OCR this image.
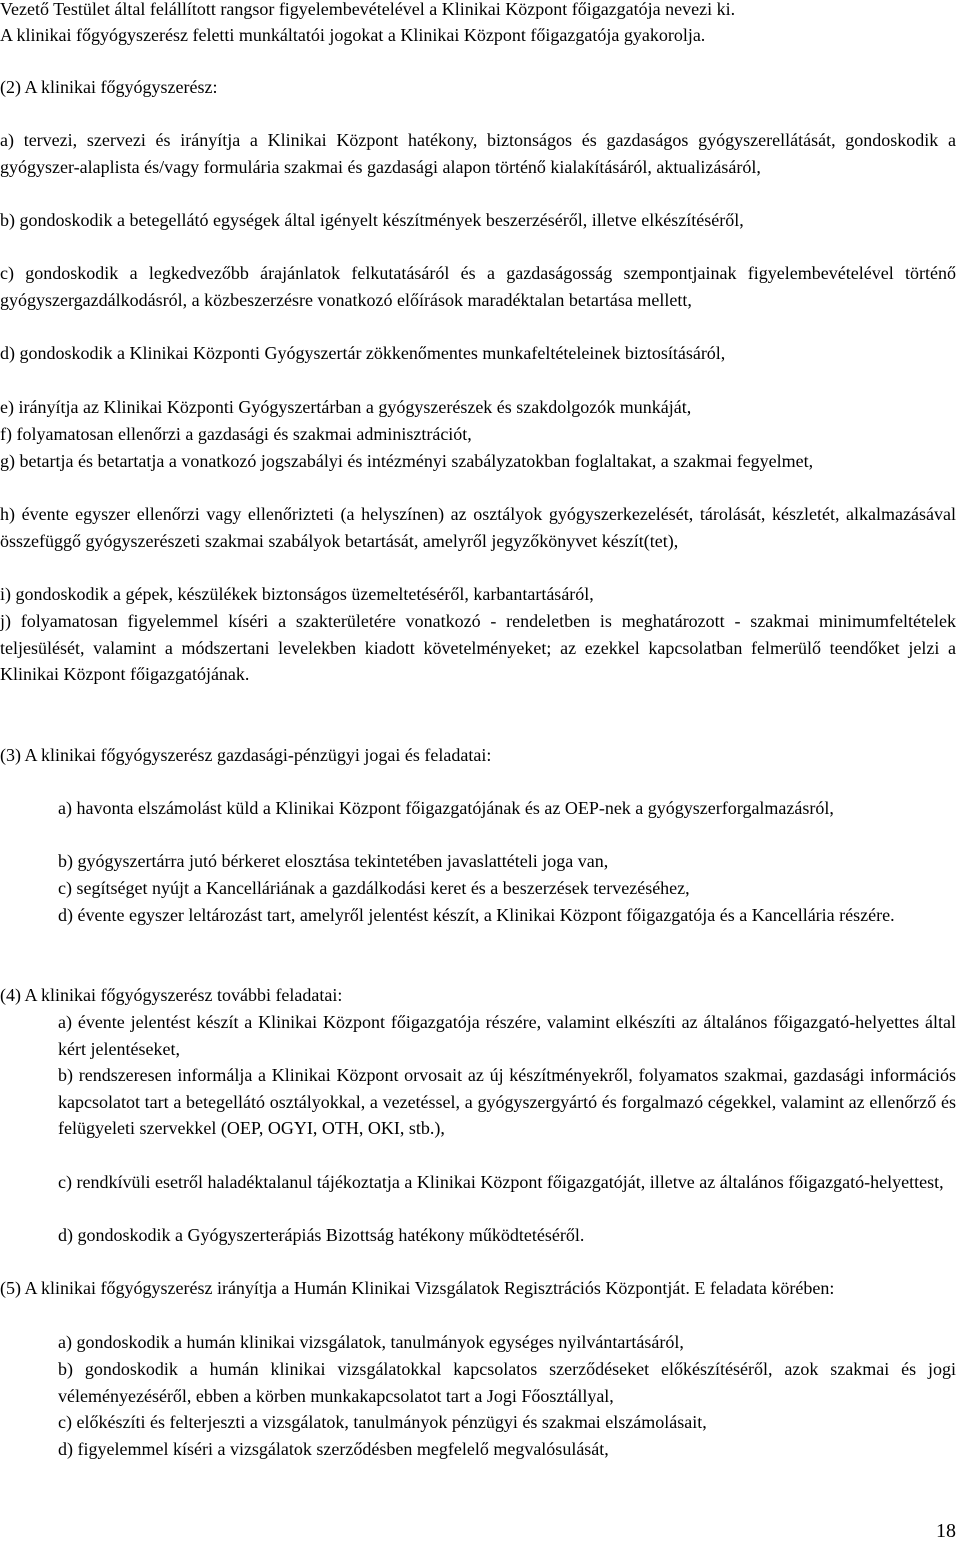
Vezető Testület által felállított rangsor figyelembevételével a Klinikai Központ főigazgatója nevezi ki.
A klinikai főgyógyszerész feletti munkáltatói jogokat a Klinikai Központ főigazgatója gyakorolja.
(2) A klinikai főgyógyszerész:
a) tervezi, szervezi és irányítja a Klinikai Központ hatékony, biztonságos és gazdaságos gyógyszerellátását, gondoskodik a gyógyszer-alaplista és/vagy formulária szakmai és gazdasági alapon történő kialakításáról, aktualizásáról,
b) gondoskodik a betegellátó egységek által igényelt készítmények beszerzéséről, illetve elkészítéséről,
c) gondoskodik a legkedvezőbb árajánlatok felkutatásáról és a gazdaságosság szempontjainak figyelembevételével történő gyógyszergazdálkodásról, a közbeszerzésre vonatkozó előírások maradéktalan betartása mellett,
d) gondoskodik a Klinikai Központi Gyógyszertár zökkenőmentes munkafeltételeinek biztosításáról,
e) irányítja az Klinikai Központi Gyógyszertárban a gyógyszerészek és szakdolgozók munkáját,
f) folyamatosan ellenőrzi a gazdasági és szakmai adminisztrációt,
g) betartja és betartatja a vonatkozó jogszabályi és intézményi szabályzatokban foglaltakat, a szakmai fegyelmet,
h) évente egyszer ellenőrzi vagy ellenőrizteti (a helyszínen) az osztályok gyógyszerkezelését, tárolását, készletét, alkalmazásával összefüggő gyógyszerészeti szakmai szabályok betartását, amelyről jegyzőkönyvet készít(tet),
i) gondoskodik a gépek, készülékek biztonságos üzemeltetéséről, karbantartásáról,
j) folyamatosan figyelemmel kíséri a szakterületére vonatkozó - rendeletben is meghatározott - szakmai minimumfeltételek teljesülését, valamint a módszertani levelekben kiadott követelményeket; az ezekkel kapcsolatban felmerülő teendőket jelzi a Klinikai Központ főigazgatójának.
(3) A klinikai főgyógyszerész gazdasági-pénzügyi jogai és feladatai:
a) havonta elszámolást küld a Klinikai Központ főigazgatójának és az OEP-nek a gyógyszerforgalmazásról,
b) gyógyszertárra jutó bérkeret elosztása tekintetében javaslattételi joga van,
c) segítséget nyújt a Kancelláriának a gazdálkodási keret és a beszerzések tervezéséhez,
d) évente egyszer leltározást tart, amelyről jelentést készít, a Klinikai Központ főigazgatója és a Kancellária részére.
(4) A klinikai főgyógyszerész további feladatai:
a) évente jelentést készít a Klinikai Központ főigazgatója részére, valamint elkészíti az általános főigazgató-helyettes által kért jelentéseket,
b) rendszeresen informálja a Klinikai Központ orvosait az új készítményekről, folyamatos szakmai, gazdasági információs kapcsolatot tart a betegellátó osztályokkal, a vezetéssel, a gyógyszergyártó és forgalmazó cégekkel, valamint az ellenőrző és felügyeleti szervekkel (OEP, OGYI, OTH, OKI, stb.),
c) rendkívüli esetről haladéktalanul tájékoztatja a Klinikai Központ főigazgatóját, illetve az általános főigazgató-helyettest,
d) gondoskodik a Gyógyszerterápiás Bizottság hatékony működtetéséről.
(5) A klinikai főgyógyszerész irányítja a Humán Klinikai Vizsgálatok Regisztrációs Központját. E feladata körében:
a) gondoskodik a humán klinikai vizsgálatok, tanulmányok egységes nyilvántartásáról,
b) gondoskodik a humán klinikai vizsgálatokkal kapcsolatos szerződéseket előkészítéséről, azok szakmai és jogi véleményezéséről, ebben a körben munkakapcsolatot tart a Jogi Főosztállyal,
c) előkészíti és felterjeszti a vizsgálatok, tanulmányok pénzügyi és szakmai elszámolásait,
d) figyelemmel kíséri a vizsgálatok szerződésben megfelelő megvalósulását,
18
